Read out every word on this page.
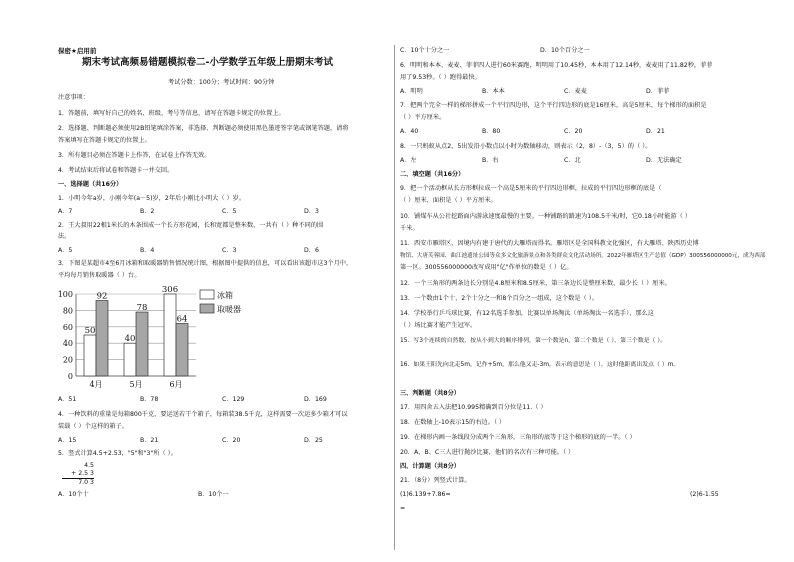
保密★启用前
期末考试高频易错题模拟卷二-小学数学五年级上册期末考试
考试分数：100分；考试时间：90分钟
注意事项：
1．答题前，填写好自己的姓名、班级、考号等信息，请写在答题卡规定的位置上。
2．选择题、判断题必须使用2B铅笔填涂答案，非选择、判断题必须使用黑色墨迹签字笔或钢笔答题，请将
答案填写在答题卡规定的位置上。
3．所有题目必须在答题卡上作答，在试卷上作答无效。
4．考试结束后将试卷和答题卡一并交回。
一、选择题（共16分）
1．小明今年a岁，小刚今年(a－5)岁，2年后小刚比小明大（ ）岁。
A．7	B．2	C．5	D．3
2．王大叔用22根1米长的木条围成一个长方形花园，长和宽都是整米数，一共有（ ）种不同的围
法。
A．5	B．4	C．3	D．6
3．下图是某超市4至6月冰箱和取暖器销售情况统计图，根据图中提供的信息，可以看出该超市这3个月中，
平均每月销售取暖器（ ）台。
0
20
40
60
80
100
50
92
4月
40
78
5月
306
64
6月
冰箱
取暖器
A．51	B．78	C．129	D．169
4．一种饮料的重量是每箱800千克，要运送若干个箱子，每箱装38.5千克，这样需要一次运多少箱才可以
装载（ ）个这样的箱子。
A．15	B．21	C．20	D．25
5．竖式计算4.5+2.53，"5"和"3"所（ ）。
4.5
+ 2.5 3
7.0 3
A．10个十	B．10个一
C．10个十分之一	D．10个百分之一
6．明明和本本、麦麦、菲菲四人进行60米赛跑，明明用了10.45秒，本本用了12.14秒，麦麦用了11.82秒，菲菲
用了9.53秒。（ ）跑得最快。
A．明明	B．本本	C．麦麦	D．菲菲
7．把两个完全一样的梯形拼成一个平行四边形，这个平行四边形的底是16厘米，高是5厘米，每个梯形的面积是
（ ）平方厘米。
A．40	B．80	C．20	D．21
8．一只蚂蚁从点2，5出发沿小数点以小时为数轴移动，则表示（2，8）-（3，5）的（ ）。
A．左	B．右	C．北	D．无法确定
二、填空题（共16分）
9．把一个活动框从长方形框拉成一个高是5厘米的平行四边形框，拉成的平行四边形框的底是（
（ ）厘米，面积是（ ）平方厘米。
10．铺煤车从公社挖路面内游泳速度最慢的主要。一种铺路的路速为108.5千米/时，它0.18小时能游（ ）
千米。
11．西安市雁塔区，因境内有建于唐代的大雁塔而得名。雁塔区是全国科教文化强区，有大雁塔、陕西历史博
物馆、大唐芙蓉园、曲江池遗址公园等众多文化旅游景点和各类群众文化活动场所。2022年雁塔区生产总值（GDP）300556000000元，成为西部
第一区。300556000000改写成用"亿"作单位的数是（ ）亿。
12．一个三角形的两条边长分别是4.8厘米和8.5厘米，第三条边长是整厘米数，最少长（ ）厘米。
13．一个数由1个十、2个十分之一和8个百分之一组成，这个数是（ ）。
14．学校举行乒乓球比赛，有12名选手参加，比赛以单场淘汰（单场淘汰一名选手），那么这
（ ）场比赛才能产生冠军。
15．写3个连续的自然数，按从小到大的顺序排列，第一个数是n，第二个数是（ ），第三个数是（ ）。
16．如果王阳先向北走5m，记作+5m，那么他又走-3m，表示的意思是（ ），这时他距离出发点（ ）m。
三、判断题（共8分）
17．用四舍五入法把10.995精确到百分位是11.（ ）
18．在数轴上-10表示15的右边。（ ）
19．在梯形内画一条线段分成两个三角形，三角形的底等于这个梯形的底的一半。（ ）
20．A、B、C三人进行抛沙比赛，他们的名次有三种可能。（ ）
四、计算题（共8分）
21．（8分）列竖式计算。
(1)6.139+7.86=	(2)6-1.55
=
